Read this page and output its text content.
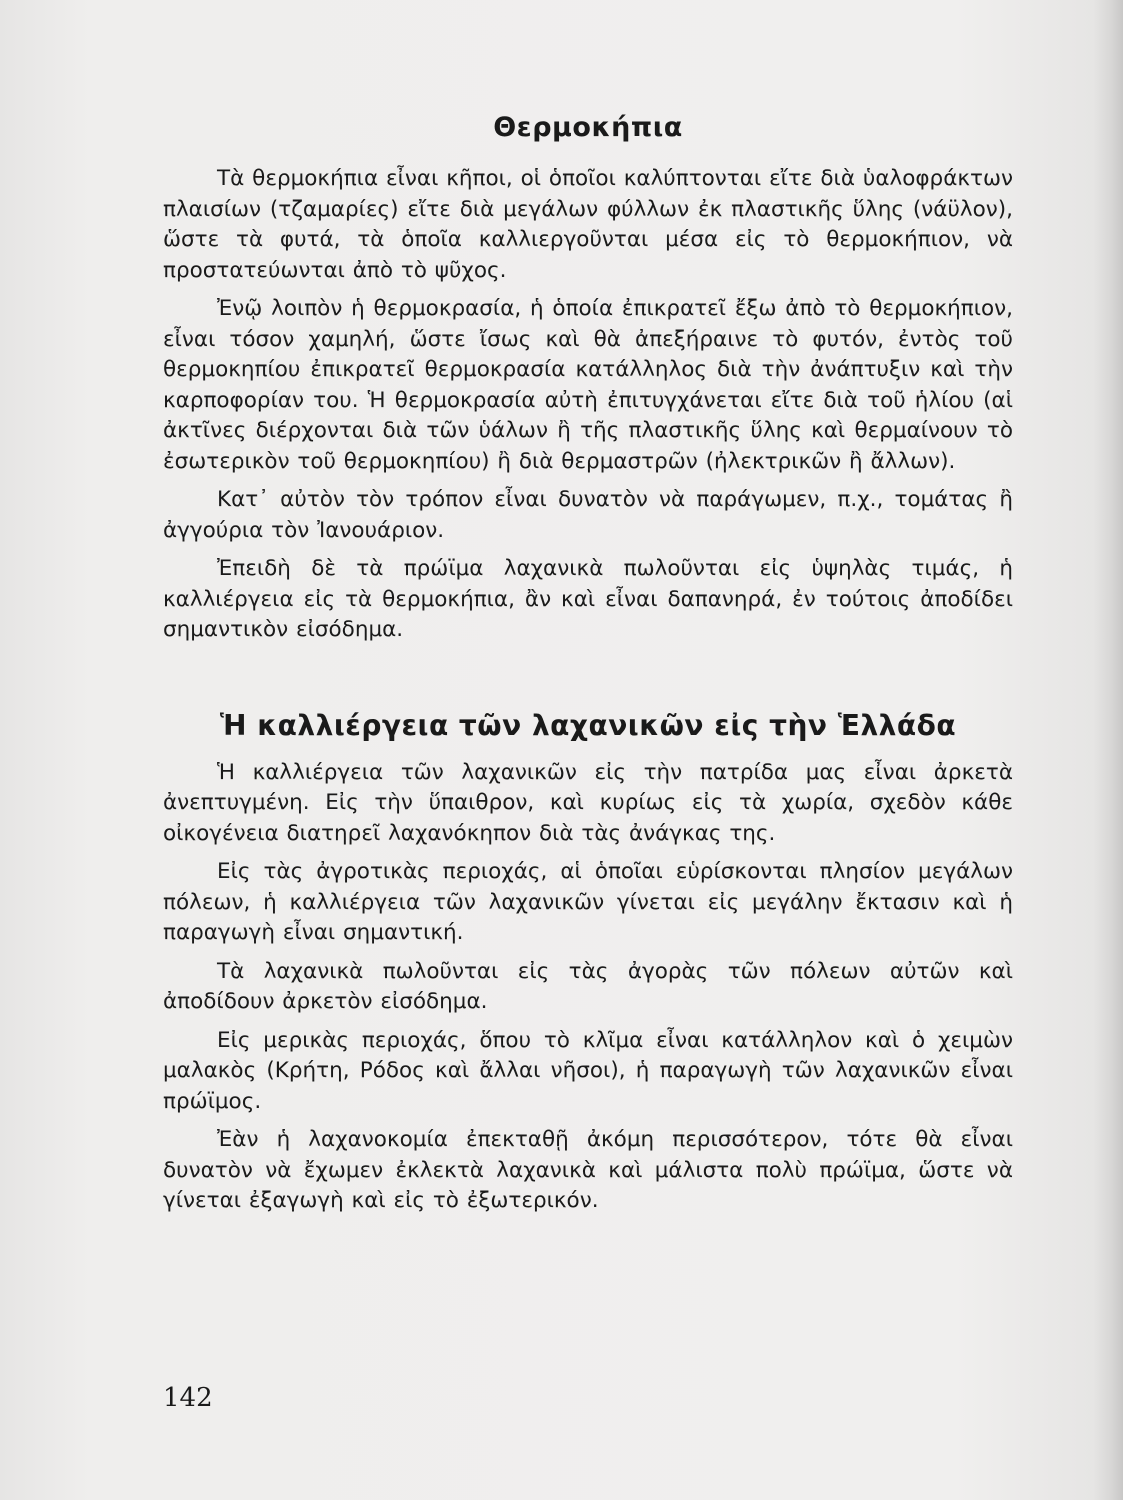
Θερμοκήπια

Τὰ θερμοκήπια εἶναι κῆποι, οἱ ὁποῖοι καλύπτονται εἴτε διὰ ὑαλοφράκτων πλαισίων (τζαμαρίες) εἴτε διὰ μεγάλων φύλλων ἐκ πλαστικῆς ὕλης (νάϋλον), ὥστε τὰ φυτά, τὰ ὁποῖα καλλιεργοῦνται μέσα εἰς τὸ θερμοκήπιον, νὰ προστατεύωνται ἀπὸ τὸ ψῦχος.

Ἐνῷ λοιπὸν ἡ θερμοκρασία, ἡ ὁποία ἐπικρατεῖ ἔξω ἀπὸ τὸ θερμοκήπιον, εἶναι τόσον χαμηλή, ὥστε ἴσως καὶ θὰ ἀπεξήραινε τὸ φυτόν, ἐντὸς τοῦ θερμοκηπίου ἐπικρατεῖ θερμοκρασία κατάλληλος διὰ τὴν ἀνάπτυξιν καὶ τὴν καρποφορίαν του. Ἡ θερμοκρασία αὐτὴ ἐπιτυγχάνεται εἴτε διὰ τοῦ ἡλίου (αἱ ἀκτῖνες διέρχονται διὰ τῶν ὑάλων ἢ τῆς πλαστικῆς ὕλης καὶ θερμαίνουν τὸ ἐσωτερικὸν τοῦ θερμοκηπίου) ἢ διὰ θερμαστρῶν (ἠλεκτρικῶν ἢ ἄλλων).

Κατ᾽ αὐτὸν τὸν τρόπον εἶναι δυνατὸν νὰ παράγωμεν, π.χ., τομάτας ἢ ἀγγούρια τὸν Ἰανουάριον.

Ἐπειδὴ δὲ τὰ πρώϊμα λαχανικὰ πωλοῦνται εἰς ὑψηλὰς τιμάς, ἡ καλλιέργεια εἰς τὰ θερμοκήπια, ἂν καὶ εἶναι δαπανηρά, ἐν τούτοις ἀποδίδει σημαντικὸν εἰσόδημα.

Ἡ καλλιέργεια τῶν λαχανικῶν εἰς τὴν Ἑλλάδα

Ἡ καλλιέργεια τῶν λαχανικῶν εἰς τὴν πατρίδα μας εἶναι ἀρκετὰ ἀνεπτυγμένη. Εἰς τὴν ὕπαιθρον, καὶ κυρίως εἰς τὰ χωρία, σχεδὸν κάθε οἰκογένεια διατηρεῖ λαχανόκηπον διὰ τὰς ἀνάγκας της.

Εἰς τὰς ἀγροτικὰς περιοχάς, αἱ ὁποῖαι εὑρίσκονται πλησίον μεγάλων πόλεων, ἡ καλλιέργεια τῶν λαχανικῶν γίνεται εἰς μεγάλην ἔκτασιν καὶ ἡ παραγωγὴ εἶναι σημαντική.

Τὰ λαχανικὰ πωλοῦνται εἰς τὰς ἀγορὰς τῶν πόλεων αὐτῶν καὶ ἀποδίδουν ἀρκετὸν εἰσόδημα.

Εἰς μερικὰς περιοχάς, ὅπου τὸ κλῖμα εἶναι κατάλληλον καὶ ὁ χειμὼν μαλακὸς (Κρήτη, Ρόδος καὶ ἄλλαι νῆσοι), ἡ παραγωγὴ τῶν λαχανικῶν εἶναι πρώϊμος.

Ἐὰν ἡ λαχανοκομία ἐπεκταθῇ ἀκόμη περισσότερον, τότε θὰ εἶναι δυνατὸν νὰ ἔχωμεν ἐκλεκτὰ λαχανικὰ καὶ μάλιστα πολὺ πρώϊμα, ὥστε νὰ γίνεται ἐξαγωγὴ καὶ εἰς τὸ ἐξωτερικόν.

142
